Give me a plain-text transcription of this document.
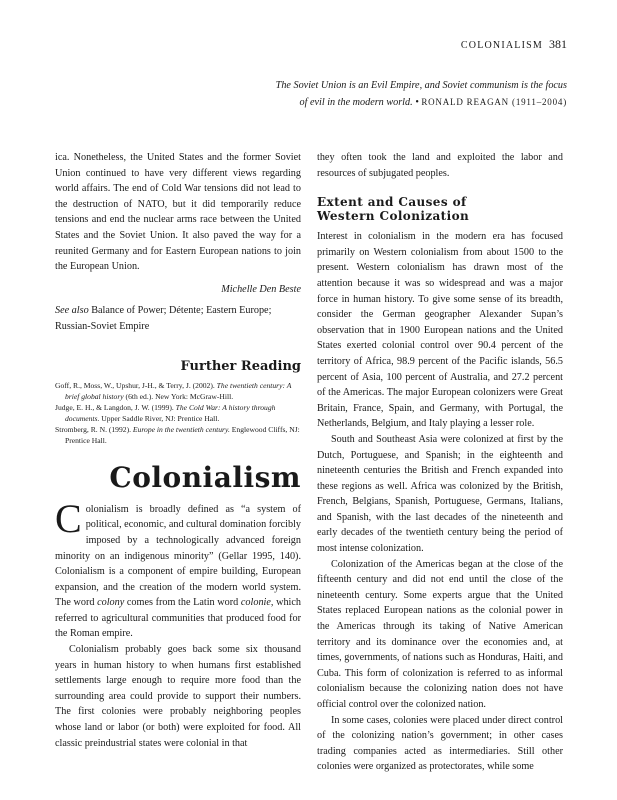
COLONIALISM 381
The Soviet Union is an Evil Empire, and Soviet communism is the focus
of evil in the modern world. • RONALD REAGAN (1911–2004)

ica. Nonetheless, the United States and the former Soviet Union continued to have very different views regarding world affairs. The end of Cold War tensions did not lead to the destruction of NATO, but it did temporarily reduce tensions and end the nuclear arms race between the United States and the Soviet Union. It also paved the way for a reunited Germany and for Eastern European nations to join the European Union.

Michelle Den Beste

See also Balance of Power; Détente; Eastern Europe; Russian-Soviet Empire

Further Reading
Goff, R., Moss, W., Upshur, J-H., & Terry, J. (2002). The twentieth century: A brief global history (6th ed.). New York: McGraw-Hill.
Judge, E. H., & Langdon, J. W. (1999). The Cold War: A history through documents. Upper Saddle River, NJ: Prentice Hall.
Stromberg, R. N. (1992). Europe in the twentieth century. Englewood Cliffs, NJ: Prentice Hall.
Colonialism

Colonialism is broadly defined as “a system of political, economic, and cultural domination forcibly imposed by a technologically advanced foreign minority on an indigenous minority” (Gellar 1995, 140). Colonialism is a component of empire building, European expansion, and the creation of the modern world system. The word colony comes from the Latin word colonie, which referred to agricultural communities that produced food for the Roman empire.

Colonialism probably goes back some six thousand years in human history to when humans first established settlements large enough to require more food than the surrounding area could provide to support their numbers. The first colonies were probably neighboring peoples whose land or labor (or both) were exploited for food. All classic preindustrial states were colonial in that

they often took the land and exploited the labor and resources of subjugated peoples.

Extent and Causes of
Western Colonization

Interest in colonialism in the modern era has focused primarily on Western colonialism from about 1500 to the present. Western colonialism has drawn most of the attention because it was so widespread and was a major force in human history. To give some sense of its breadth, consider the German geographer Alexander Supan’s observation that in 1900 European nations and the United States exerted colonial control over 90.4 percent of the territory of Africa, 98.9 percent of the Pacific islands, 56.5 percent of Asia, 100 percent of Australia, and 27.2 percent of the Americas. The major European colonizers were Great Britain, France, Spain, and Germany, with Portugal, the Netherlands, Belgium, and Italy playing a lesser role.

South and Southeast Asia were colonized at first by the Dutch, Portuguese, and Spanish; in the eighteenth and nineteenth centuries the British and French expanded into these regions as well. Africa was colonized by the British, French, Belgians, Spanish, Portuguese, Germans, Italians, and Spanish, with the last decades of the nineteenth and early decades of the twentieth century being the period of most intense colonization.

Colonization of the Americas began at the close of the fifteenth century and did not end until the close of the nineteenth century. Some experts argue that the United States replaced European nations as the colonial power in the Americas through its taking of Native American territory and its dominance over the economies and, at times, governments, of nations such as Honduras, Haiti, and Cuba. This form of colonization is referred to as informal colonialism because the colonizing nation does not have official control over the colonized nation.

In some cases, colonies were placed under direct control of the colonizing nation’s government; in other cases trading companies acted as intermediaries. Still other colonies were organized as protectorates, while some
